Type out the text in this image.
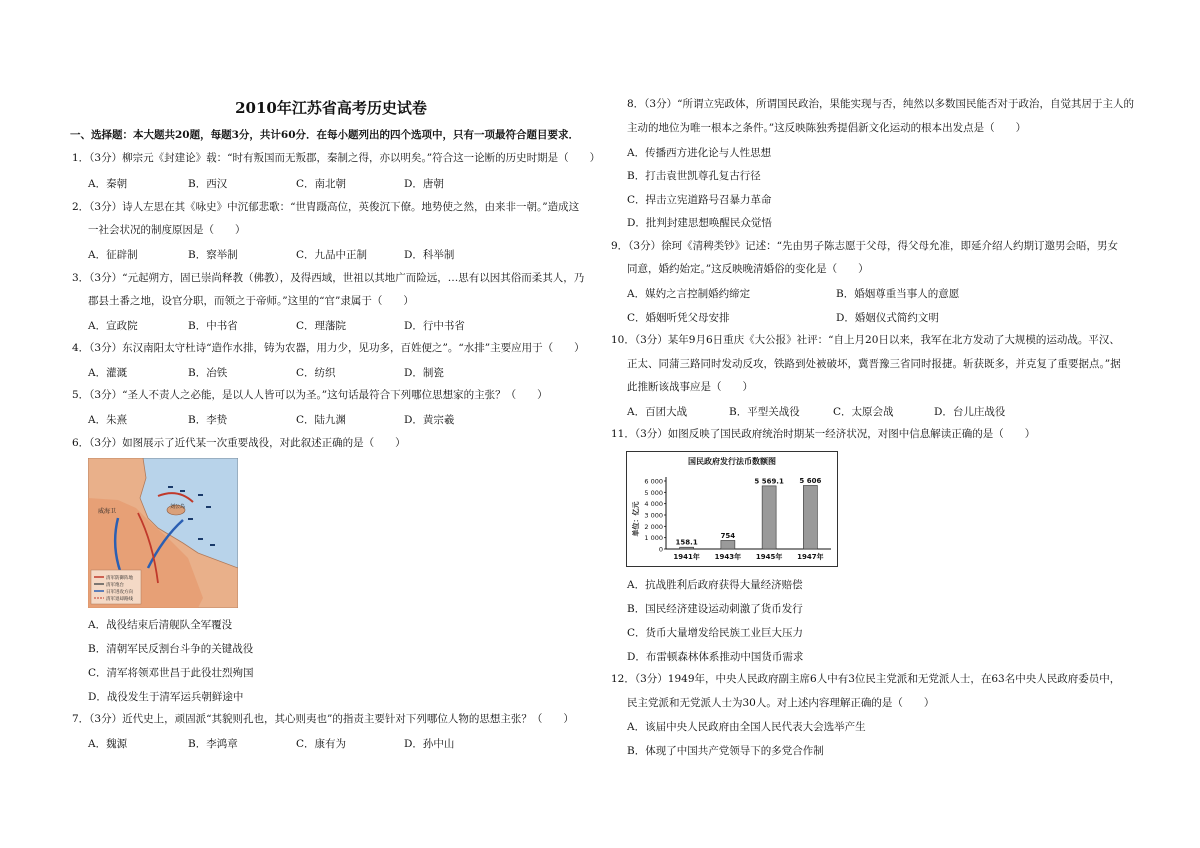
2010年江苏省高考历史试卷
一、选择题：本大题共20题，每题3分，共计60分．在每小题列出的四个选项中，只有一项最符合题目要求．
1．（3分）柳宗元《封建论》载：“时有叛国而无叛郡，秦制之得，亦以明矣。”符合这一论断的历史时期是（　　）
A．秦朝	B．西汉	C．南北朝	D．唐朝
2．（3分）诗人左思在其《咏史》中沉郁悲歌：“世胄蹑高位，英俊沉下僚。地势使之然，由来非一朝。”造成这
一社会状况的制度原因是（　　）
A．征辟制	B．察举制	C．九品中正制	D．科举制
3．（3分）“元起朔方，固已崇尚释教（佛教），及得西域，世祖以其地广而险远，…思有以因其俗而柔其人，乃
郡县土番之地，设官分职，而领之于帝师。”这里的“官”隶属于（　　）
A．宣政院	B．中书省	C．理藩院	D．行中书省
4．（3分）东汉南阳太守杜诗“造作水排，铸为农器，用力少，见功多，百姓便之”。“水排”主要应用于（　　）
A．灌溉	B．冶铁	C．纺织	D．制瓷
5．（3分）“圣人不责人之必能，是以人人皆可以为圣。”这句话最符合下列哪位思想家的主张？（　　）
A．朱熹	B．李贽	C．陆九渊	D．黄宗羲
6．（3分）如图展示了近代某一次重要战役，对此叙述正确的是（　　）
威海卫
刘公岛
清军防御阵地
清军炮台
日军进攻方向
清军退却路线
A．战役结束后清舰队全军覆没
B．清朝军民反割台斗争的关键战役
C．清军将领邓世昌于此役壮烈殉国
D．战役发生于清军运兵朝鲜途中
7．（3分）近代史上，顽固派“其貌则孔也，其心则夷也”的指责主要针对下列哪位人物的思想主张？（　　）
A．魏源	B．李鸿章	C．康有为	D．孙中山
8．（3分）“所谓立宪政体，所谓国民政治，果能实现与否，纯然以多数国民能否对于政治，自觉其居于主人的
主动的地位为唯一根本之条件。”这反映陈独秀提倡新文化运动的根本出发点是（　　）
A．传播西方进化论与人性思想
B．打击袁世凯尊孔复古行径
C．捍击立宪道路号召暴力革命
D．批判封建思想唤醒民众觉悟
9．（3分）徐珂《清稗类钞》记述：“先由男子陈志愿于父母，得父母允准，即延介绍人约期订邀男会晤，男女
同意，婚约始定。”这反映晚清婚俗的变化是（　　）
A．媒妁之言控制婚约缔定	B．婚姻尊重当事人的意愿
C．婚姻听凭父母安排	D．婚姻仪式简约文明
10．（3分）某年9月6日重庆《大公报》社评：“自上月20日以来，我军在北方发动了大规模的运动战。平汉、
正太、同蒲三路同时发动反攻，铁路到处被破坏，冀晋豫三省同时报捷。斩获既多，并克复了重要据点。”据
此推断该战事应是（　　）
A．百团大战	B．平型关战役	C．太原会战	D．台儿庄战役
11．（3分）如图反映了国民政府统治时期某一经济状况，对图中信息解读正确的是（　　）
国民政府发行法币数额图
单位：亿元
0
1 000
2 000
3 000
4 000
5 000
6 000
158.1
1941年
754
1943年
5 569.1
1945年
5 606
1947年
A．抗战胜利后政府获得大量经济赔偿
B．国民经济建设运动刺激了货币发行
C．货币大量增发给民族工业巨大压力
D．布雷顿森林体系推动中国货币需求
12．（3分）1949年，中央人民政府副主席6人中有3位民主党派和无党派人士，在63名中央人民政府委员中，
民主党派和无党派人士为30人。对上述内容理解正确的是（　　）
A．该届中央人民政府由全国人民代表大会选举产生
B．体现了中国共产党领导下的多党合作制
